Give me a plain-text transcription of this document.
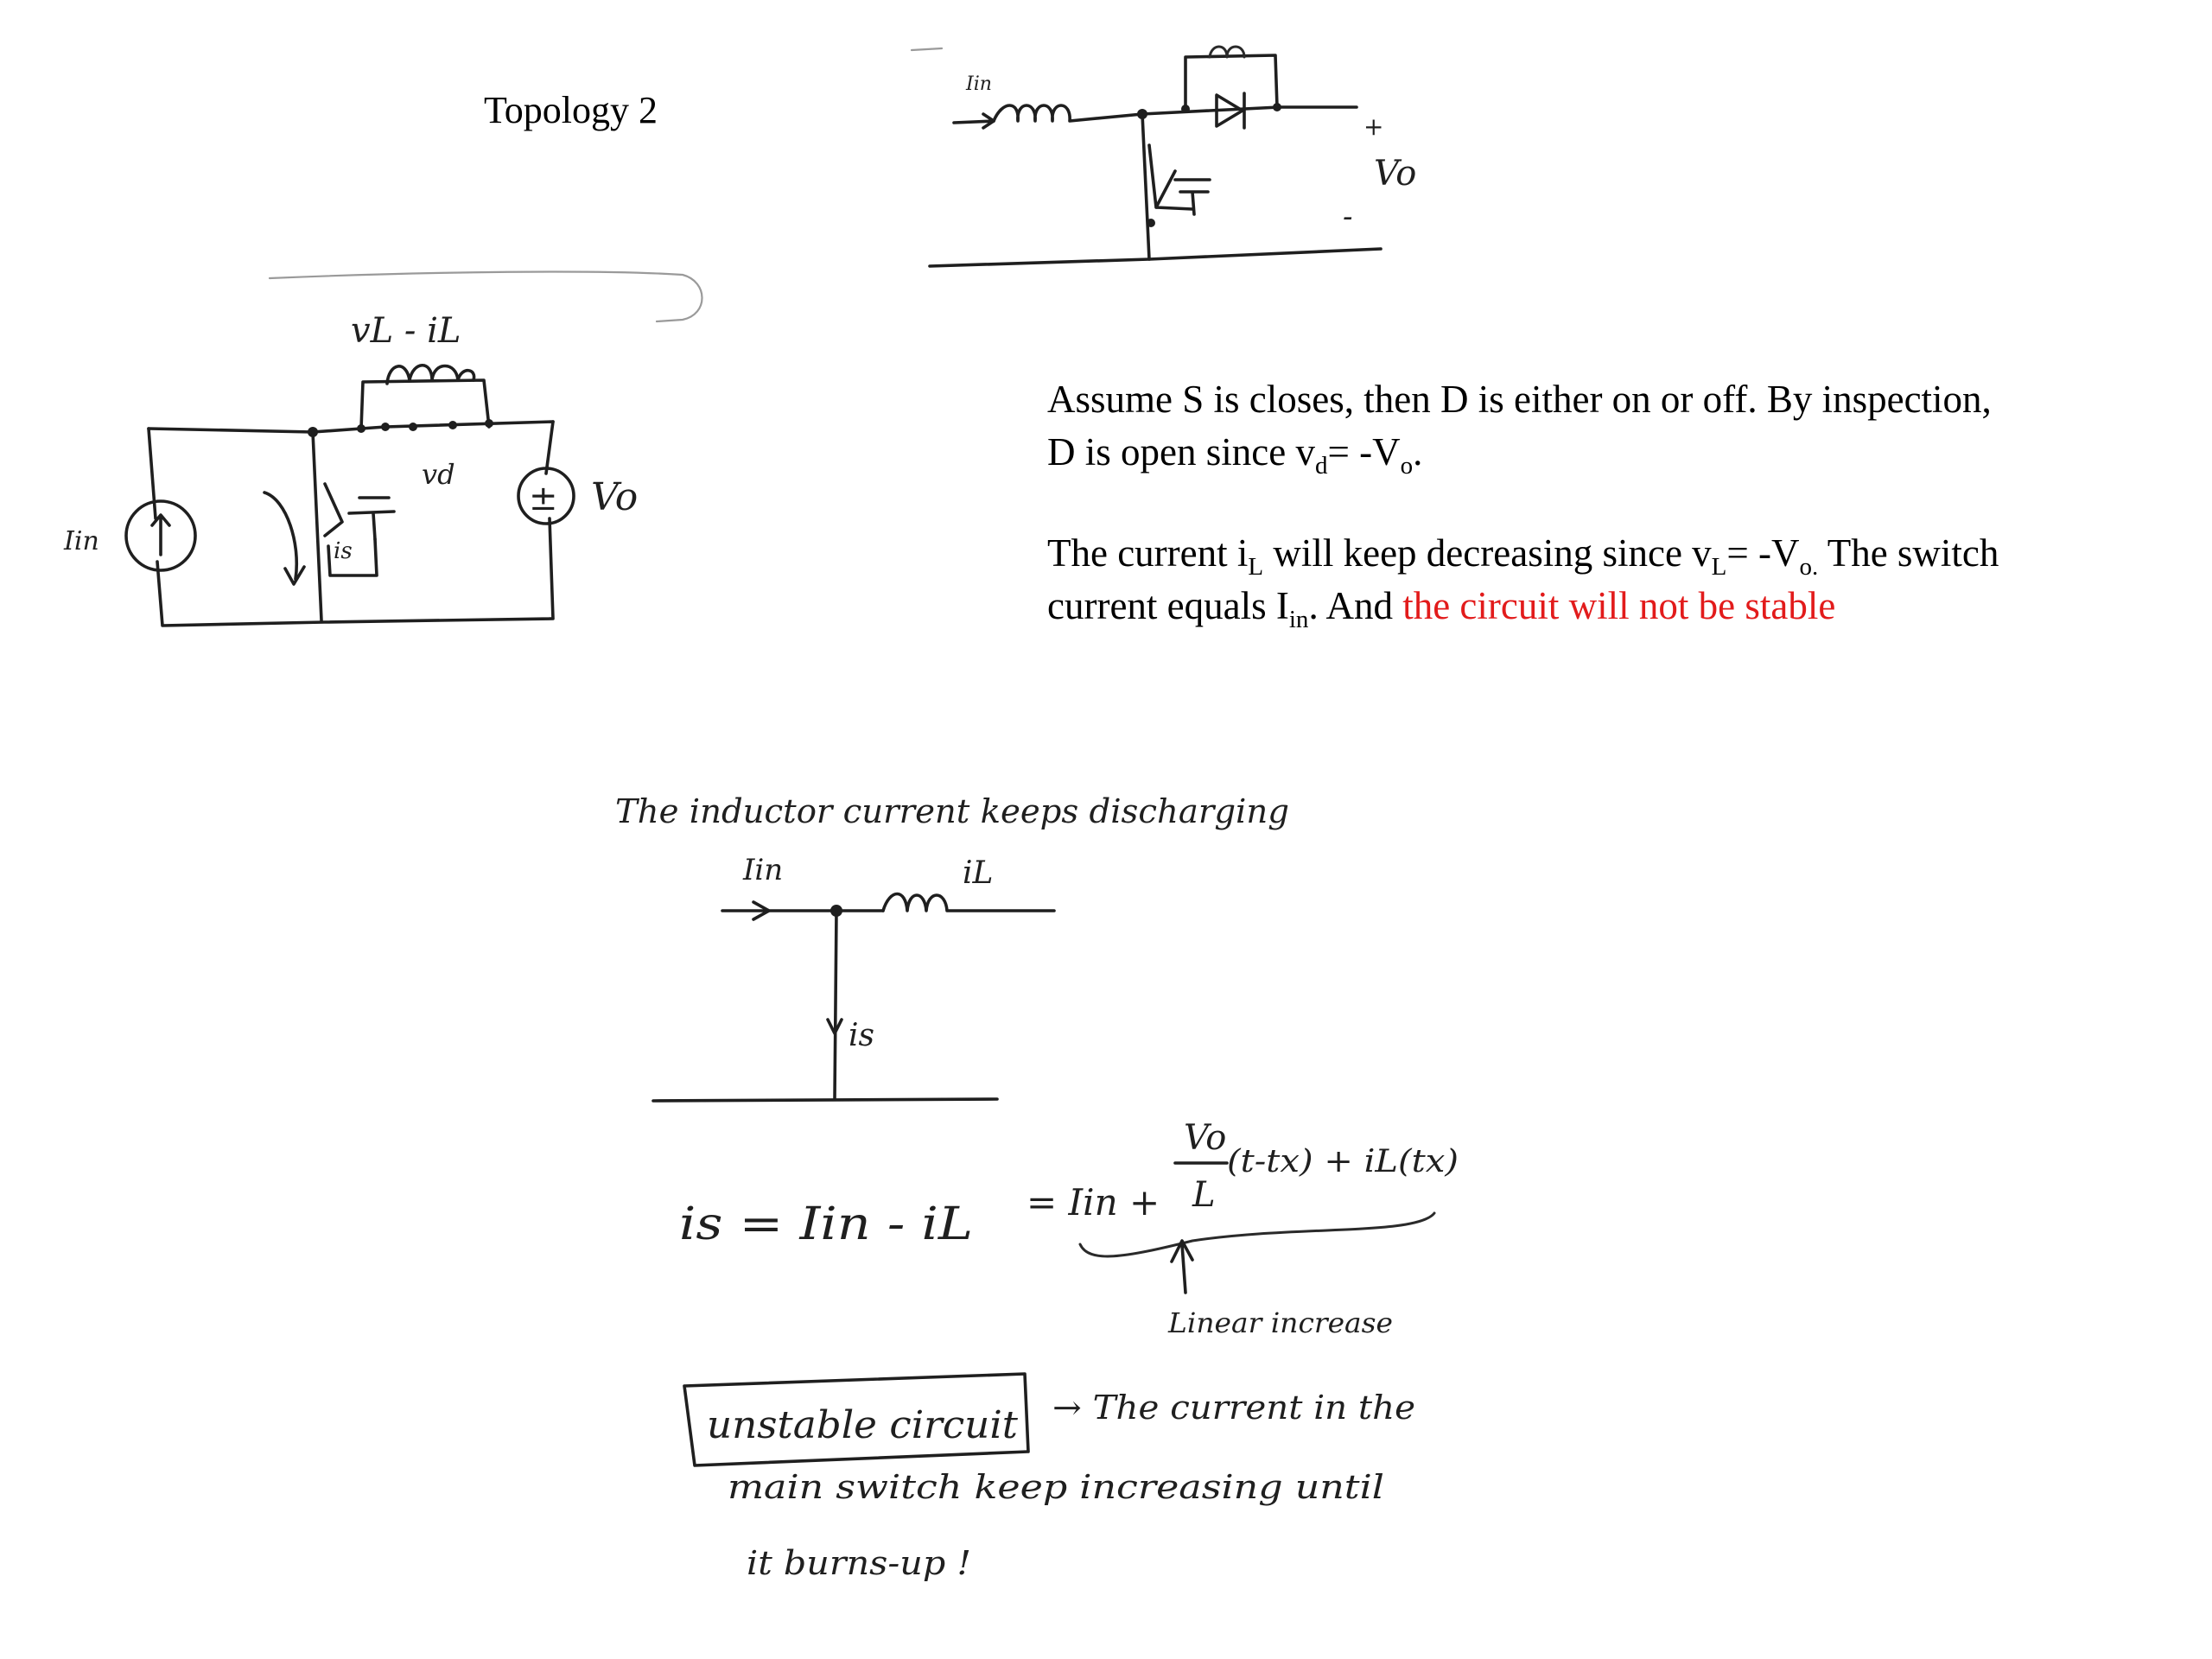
Topology 2

Assume S is closes, then D is either on or off. By inspection,
D is open since $v_d= -V_o$.

The current $i_L$ will keep decreasing since $v_L= -V_{o.}$ The switch
current equals $I_{in}$. And the circuit will not be stable

Iin
+
Vo
-
Iin	is
vL - iL
vd
± Vo
The inductor current keeps discharging
Iin	iL
is
is = Iin - iL = Iin +
Vo
L
(t-tx) + iL(tx)
Linear increase
unstable circuit → The current in the
main switch keep increasing until
it burns-up !
